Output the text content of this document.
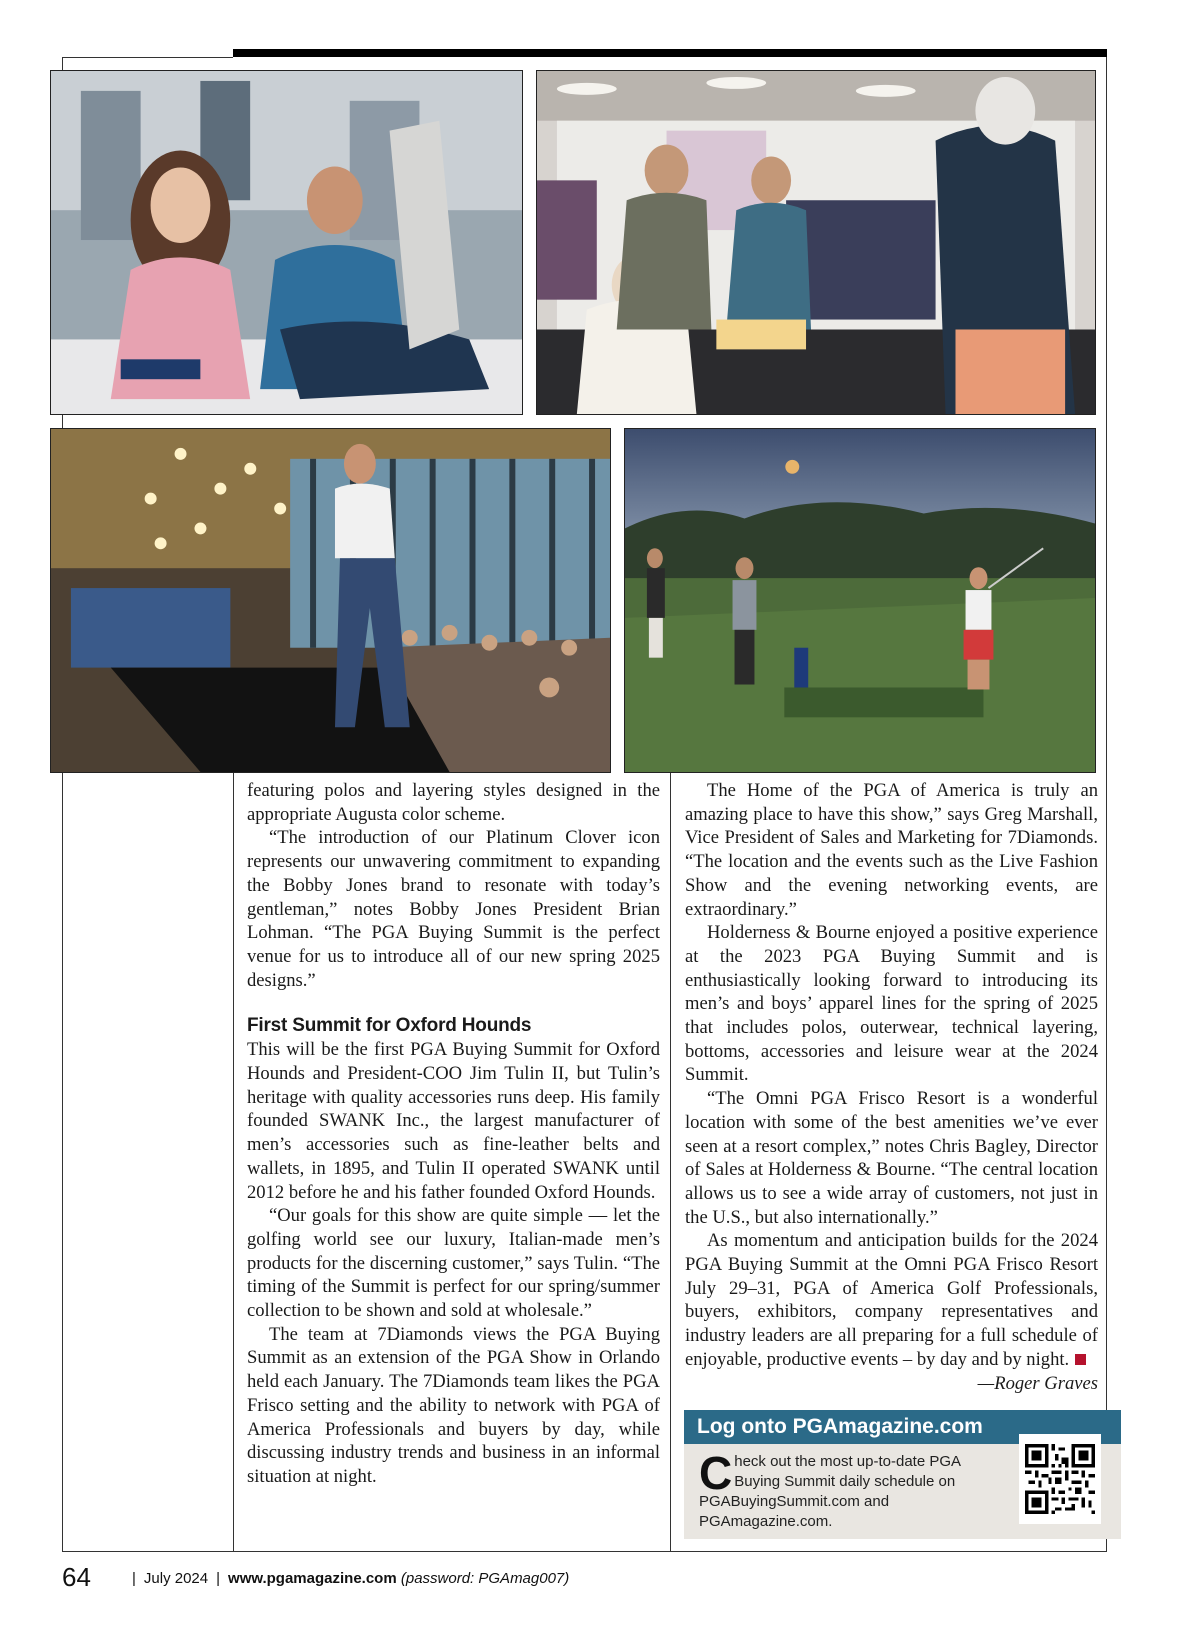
featuring polos and layering styles designed in the appropriate Augusta color scheme.

“The introduction of our Platinum Clover icon represents our unwavering commitment to expanding the Bobby Jones brand to resonate with today’s gentleman,” notes Bobby Jones President Brian Lohman. “The PGA Buying Summit is the perfect venue for us to introduce all of our new spring 2025 designs.”

First Summit for Oxford Hounds

This will be the first PGA Buying Summit for Oxford Hounds and President-COO Jim Tulin II, but Tulin’s heritage with quality accessories runs deep. His family founded SWANK Inc., the largest manufacturer of men’s accessories such as fine-leather belts and wallets, in 1895, and Tulin II operated SWANK until 2012 before he and his father founded Oxford Hounds.

“Our goals for this show are quite simple — let the golfing world see our luxury, Italian-made men’s products for the discerning customer,” says Tulin. “The timing of the Summit is perfect for our spring/summer collection to be shown and sold at wholesale.”

The team at 7Diamonds views the PGA Buying Summit as an extension of the PGA Show in Orlando held each January. The 7Diamonds team likes the PGA Frisco setting and the ability to network with PGA of America Professionals and buyers by day, while discussing industry trends and business in an informal situation at night.

The Home of the PGA of America is truly an amazing place to have this show,” says Greg Marshall, Vice President of Sales and Marketing for 7Diamonds. “The location and the events such as the Live Fashion Show and the evening networking events, are extraordinary.”

Holderness & Bourne enjoyed a positive experience at the 2023 PGA Buying Summit and is enthusiastically looking forward to introducing its men’s and boys’ apparel lines for the spring of 2025 that includes polos, outerwear, technical layering, bottoms, accessories and leisure wear at the 2024 Summit.

“The Omni PGA Frisco Resort is a wonderful location with some of the best amenities we’ve ever seen at a resort complex,” notes Chris Bagley, Director of Sales at Holderness & Bourne. “The central location allows us to see a wide array of customers, not just in the U.S., but also internationally.”

As momentum and anticipation builds for the 2024 PGA Buying Summit at the Omni PGA Frisco Resort July 29–31, PGA of America Golf Professionals, buyers, exhibitors, company representatives and industry leaders are all preparing for a full schedule of enjoyable, productive events – by day and by night.
—Roger Graves

Log onto PGAmagazine.com
Check out the most up-to-date PGA Buying Summit daily schedule on PGABuyingSummit.com and PGAmagazine.com.
64	| July 2024 | www.pgamagazine.com (password: PGAmag007)
